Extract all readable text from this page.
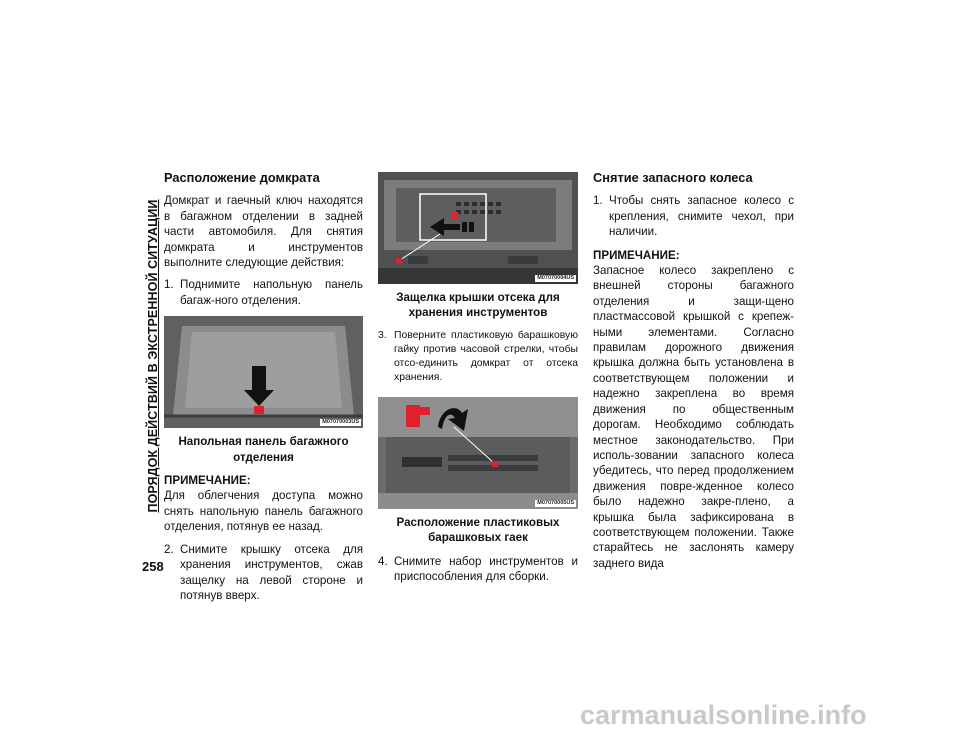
ПОРЯДОК ДЕЙСТВИЙ В ЭКСТРЕННОЙ СИТУАЦИИ
258

Расположение домкрата

Домкрат и гаечный ключ находятся в багажном отделении в задней части автомобиля. Для снятия домкрата и инструментов выполните следующие действия:

1. Поднимите напольную панель багаж-ного отделения.
M07070003US

Напольная панель багажного отделения

ПРИМЕЧАНИЕ:

Для облегчения доступа можно снять напольную панель багажного отделения, потянув ее назад.

2. Снимите крышку отсека для хранения инструментов, сжав защелку на левой стороне и потянув вверх.
M07070004US

Защелка крышки отсека для хранения инструментов

3. Поверните пластиковую барашковую гайку против часовой стрелки, чтобы отсо-единить домкрат от отсека хранения.
M07070005US

Расположение пластиковых барашковых гаек

4. Снимите набор инструментов и приспособления для сборки.

Снятие запасного колеса

1. Чтобы снять запасное колесо с крепления, снимите чехол, при наличии.

ПРИМЕЧАНИЕ:

Запасное колесо закреплено с внешней стороны багажного отделения и защи-щено пластмассовой крышкой с крепеж-ными элементами. Согласно правилам дорожного движения крышка должна быть установлена в соответствующем положении и надежно закреплена во время движения по общественным дорогам. Необходимо соблюдать местное законодательство. При исполь-зовании запасного колеса убедитесь, что перед продолжением движения повре-жденное колесо было надежно закре-плено, а крышка была зафиксирована в соответствующем положении. Также старайтесь не заслонять камеру заднего вида

carmanualsonline.info
